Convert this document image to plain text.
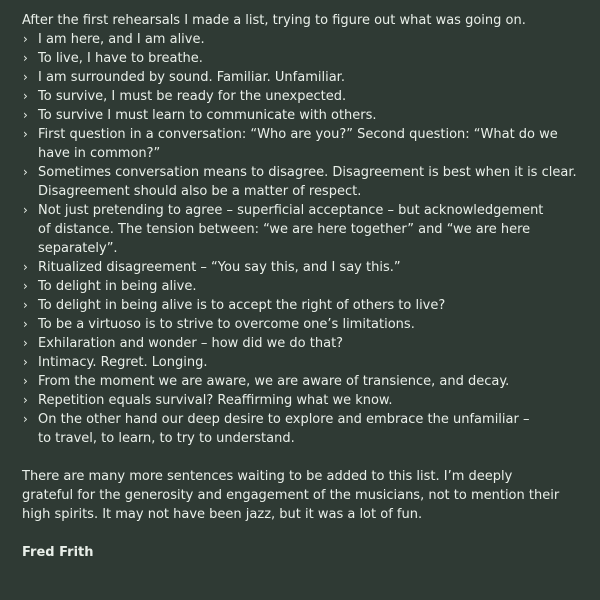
After the first rehearsals I made a list, trying to figure out what was going on.

› I am here, and I am alive.
› To live, I have to breathe.
› I am surrounded by sound. Familiar. Unfamiliar.
› To survive, I must be ready for the unexpected.
› To survive I must learn to communicate with others.
› First question in a conversation: “Who are you?” Second question: “What do we
have in common?”
› Sometimes conversation means to disagree. Disagreement is best when it is clear.
Disagreement should also be a matter of respect.
› Not just pretending to agree – superficial acceptance – but acknowledgement
of distance. The tension between: “we are here together” and “we are here
separately”.
› Ritualized disagreement – “You say this, and I say this.”
› To delight in being alive.
› To delight in being alive is to accept the right of others to live?
› To be a virtuoso is to strive to overcome one’s limitations.
› Exhilaration and wonder – how did we do that?
› Intimacy. Regret. Longing.
› From the moment we are aware, we are aware of transience, and decay.
› Repetition equals survival? Reaffirming what we know.
› On the other hand our deep desire to explore and embrace the unfamiliar –
to travel, to learn, to try to understand.
There are many more sentences waiting to be added to this list. I’m deeply
grateful for the generosity and engagement of the musicians, not to mention their
high spirits. It may not have been jazz, but it was a lot of fun.

Fred Frith
